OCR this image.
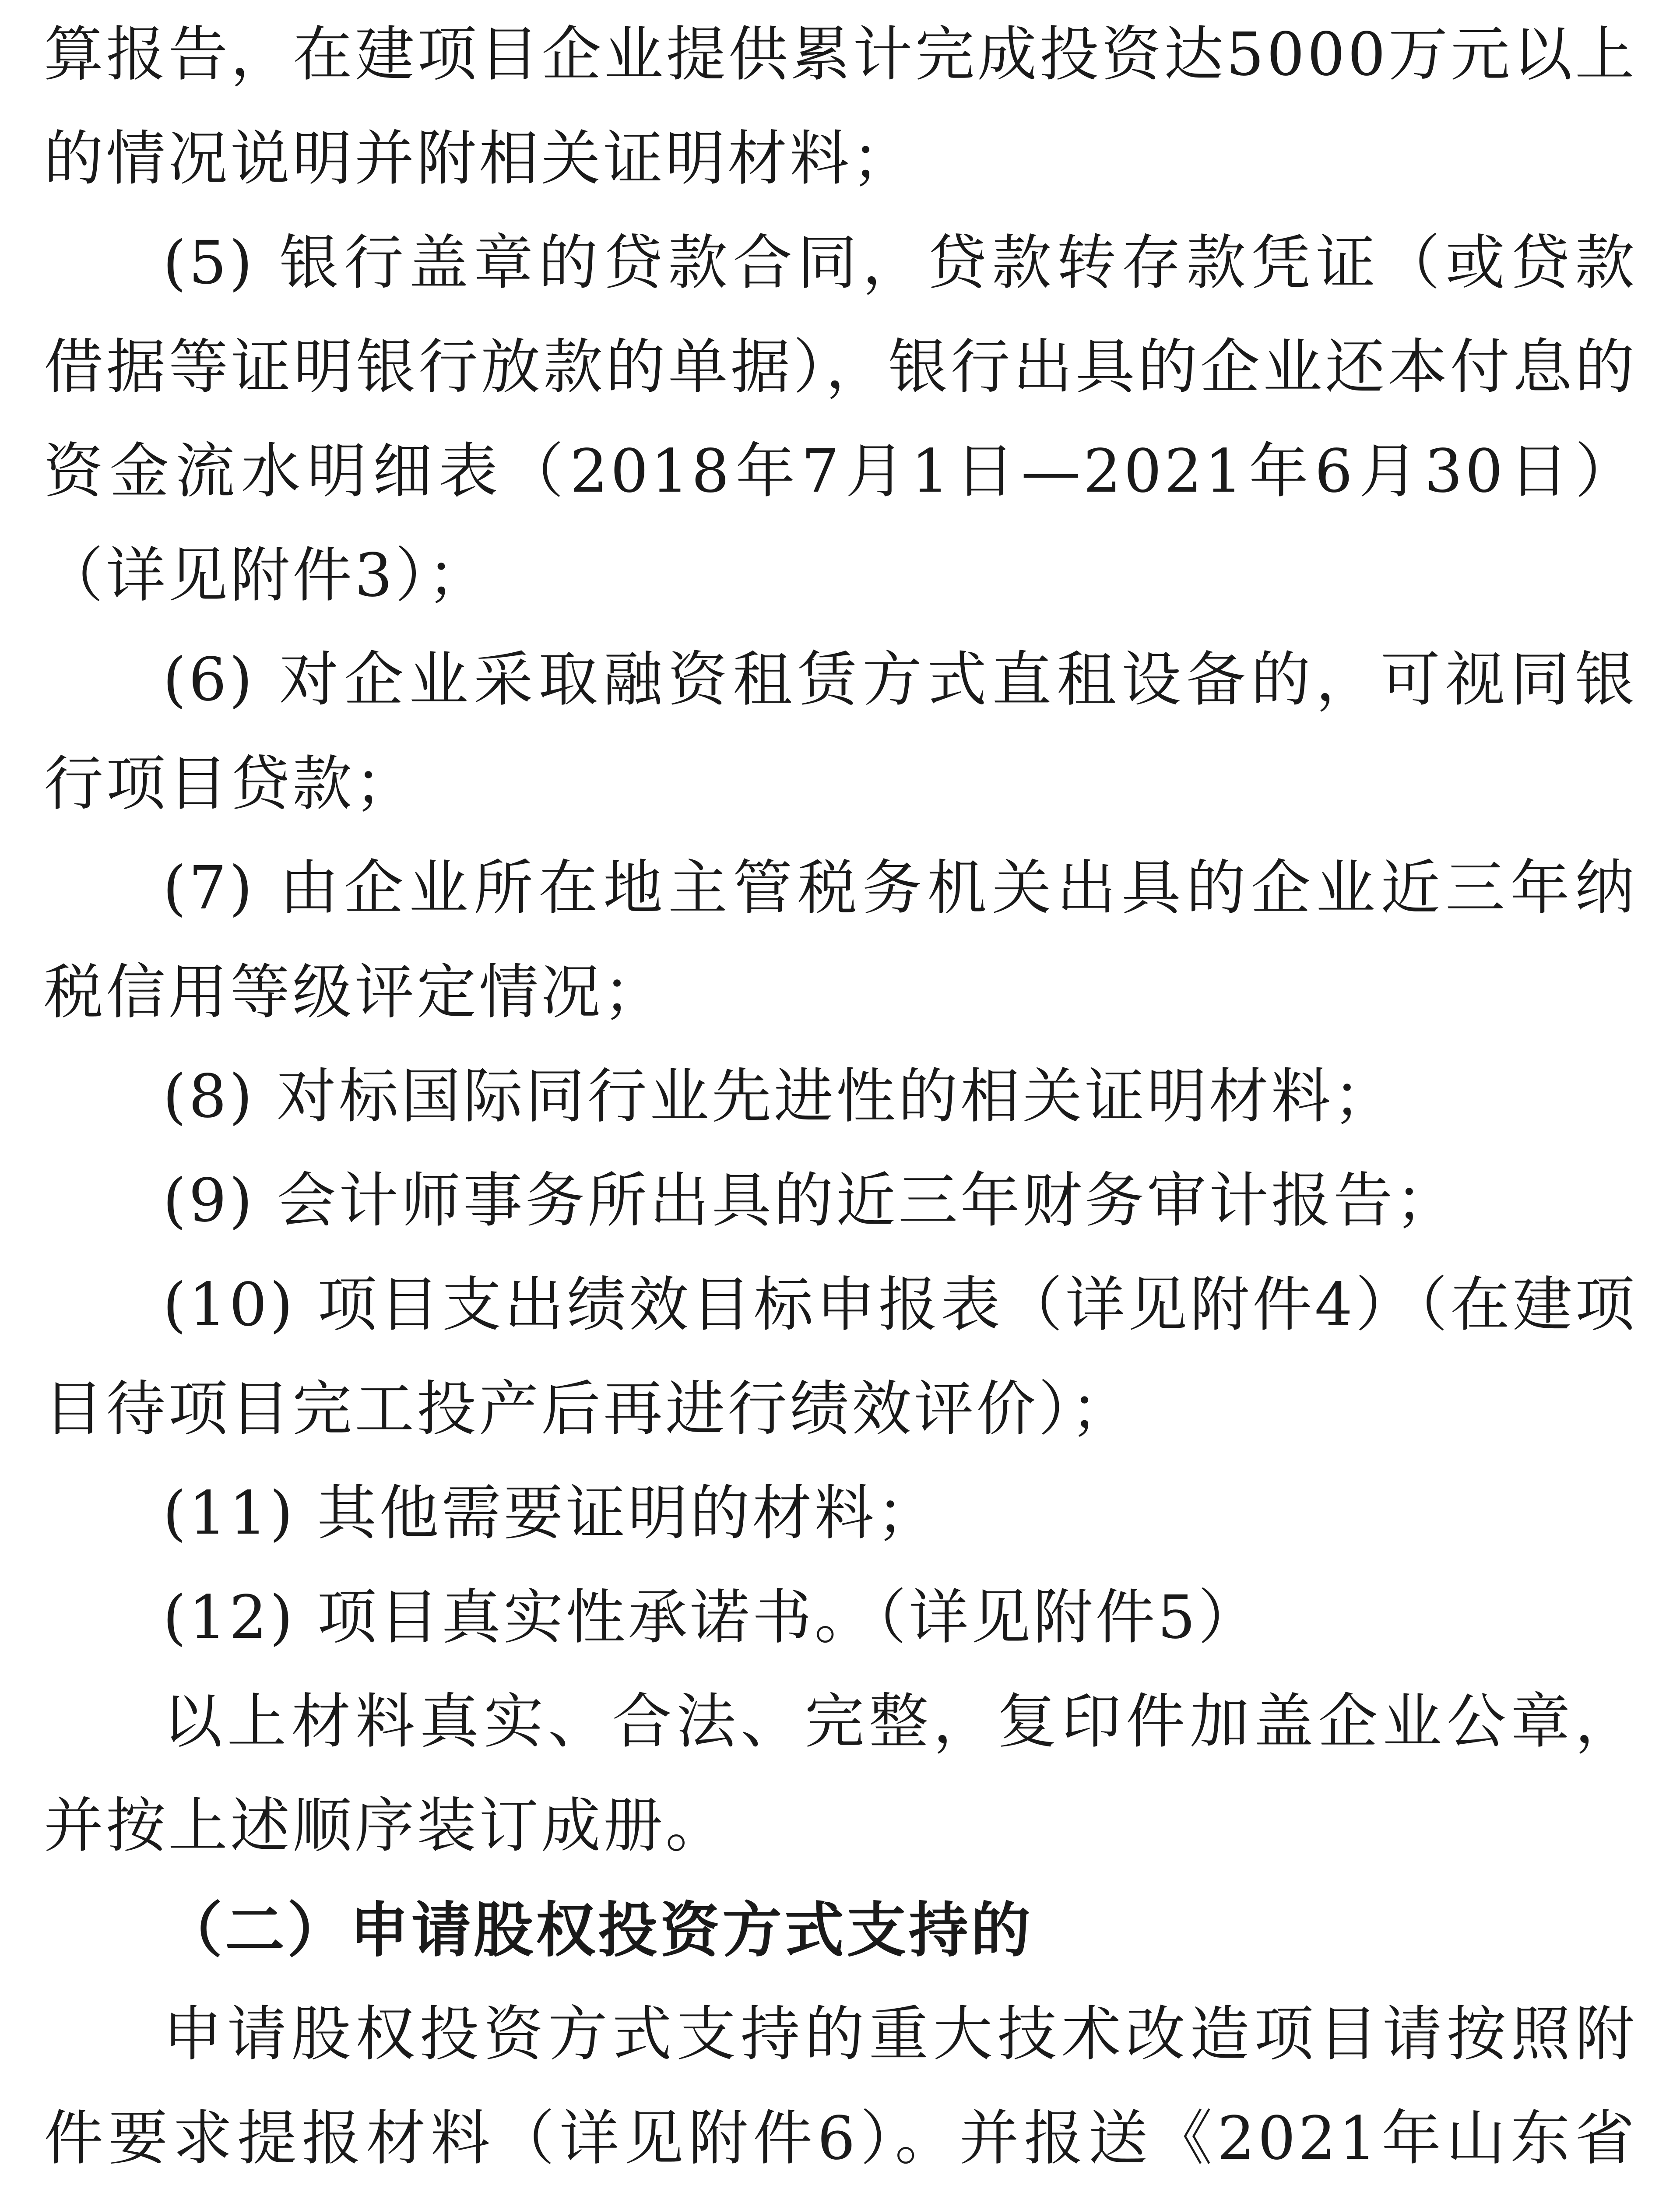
算报告，在建项目企业提供累计完成投资达5000万元以上的情况说明并附相关证明材料；

(5) 银行盖章的贷款合同，贷款转存款凭证（或贷款借据等证明银行放款的单据），银行出具的企业还本付息的资金流水明细表（2018年7月1日—2021年6月30日）（详见附件3）；

(6) 对企业采取融资租赁方式直租设备的，可视同银行项目贷款；

(7) 由企业所在地主管税务机关出具的企业近三年纳税信用等级评定情况；

(8) 对标国际同行业先进性的相关证明材料；

(9) 会计师事务所出具的近三年财务审计报告；

(10) 项目支出绩效目标申报表（详见附件4）（在建项目待项目完工投产后再进行绩效评价）；

(11) 其他需要证明的材料；

(12) 项目真实性承诺书。（详见附件5）

以上材料真实、合法、完整，复印件加盖企业公章，并按上述顺序装订成册。

（二）申请股权投资方式支持的

申请股权投资方式支持的重大技术改造项目请按照附件要求提报材料（详见附件6）。并报送《2021年山东省
